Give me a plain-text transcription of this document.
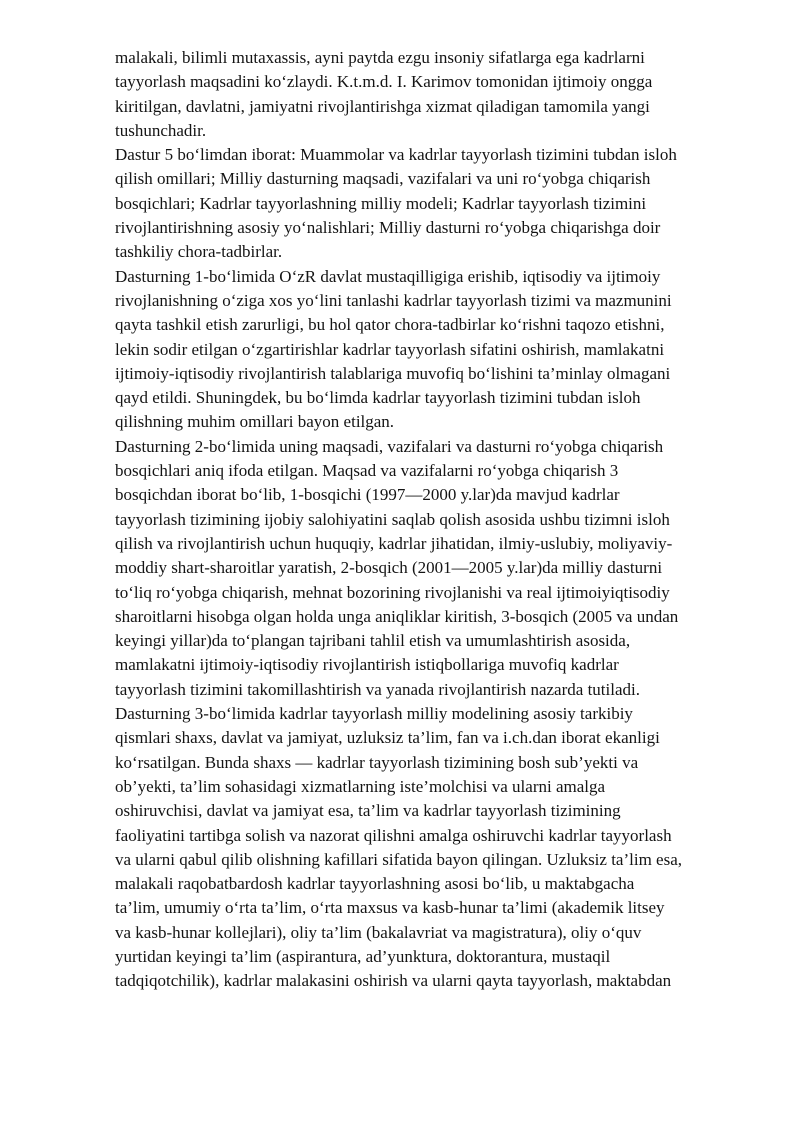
malakali, bilimli mutaxassis, ayni paytda ezgu insoniy sifatlarga ega kadrlarni

tayyorlash maqsadini ko‘zlaydi. K.t.m.d. I. Karimov tomonidan ijtimoiy ongga

kiritilgan, davlatni, jamiyatni rivojlantirishga xizmat qiladigan tamomila yangi

tushunchadir.

Dastur 5 bo‘limdan iborat: Muammolar va kadrlar tayyorlash tizimini tubdan isloh

qilish omillari; Milliy dasturning maqsadi, vazifalari va uni ro‘yobga chiqarish

bosqichlari; Kadrlar tayyorlashning milliy modeli; Kadrlar tayyorlash tizimini

rivojlantirishning asosiy yo‘nalishlari; Milliy dasturni ro‘yobga chiqarishga doir

tashkiliy chora-tadbirlar.

Dasturning 1-bo‘limida O‘zR davlat mustaqilligiga erishib, iqtisodiy va ijtimoiy

rivojlanishning o‘ziga xos yo‘lini tanlashi kadrlar tayyorlash tizimi va mazmunini

qayta tashkil etish zarurligi, bu hol qator chora-tadbirlar ko‘rishni taqozo etishni,

lekin sodir etilgan o‘zgartirishlar kadrlar tayyorlash sifatini oshirish, mamlakatni

ijtimoiy-iqtisodiy rivojlantirish talablariga muvofiq bo‘lishini ta’minlay olmagani

qayd etildi. Shuningdek, bu bo‘limda kadrlar tayyorlash tizimini tubdan isloh

qilishning muhim omillari bayon etilgan.

Dasturning 2-bo‘limida uning maqsadi, vazifalari va dasturni ro‘yobga chiqarish

bosqichlari aniq ifoda etilgan. Maqsad va vazifalarni ro‘yobga chiqarish 3

bosqichdan iborat bo‘lib, 1-bosqichi (1997—2000 y.lar)da mavjud kadrlar

tayyorlash tizimining ijobiy salohiyatini saqlab qolish asosida ushbu tizimni isloh

qilish va rivojlantirish uchun huquqiy, kadrlar jihatidan, ilmiy-uslubiy, moliyaviy-

moddiy shart-sharoitlar yaratish, 2-bosqich (2001—2005 y.lar)da milliy dasturni

to‘liq ro‘yobga chiqarish, mehnat bozorining rivojlanishi va real ijtimoiyiqtisodiy

sharoitlarni hisobga olgan holda unga aniqliklar kiritish, 3-bosqich (2005 va undan

keyingi yillar)da to‘plangan tajribani tahlil etish va umumlashtirish asosida,

mamlakatni ijtimoiy-iqtisodiy rivojlantirish istiqbollariga muvofiq kadrlar

tayyorlash tizimini takomillashtirish va yanada rivojlantirish nazarda tutiladi.

Dasturning 3-bo‘limida kadrlar tayyorlash milliy modelining asosiy tarkibiy

qismlari shaxs, davlat va jamiyat, uzluksiz ta’lim, fan va i.ch.dan iborat ekanligi

ko‘rsatilgan. Bunda shaxs — kadrlar tayyorlash tizimining bosh sub’yekti va

ob’yekti, ta’lim sohasidagi xizmatlarning iste’molchisi va ularni amalga

oshiruvchisi, davlat va jamiyat esa, ta’lim va kadrlar tayyorlash tizimining

faoliyatini tartibga solish va nazorat qilishni amalga oshiruvchi kadrlar tayyorlash

va ularni qabul qilib olishning kafillari sifatida bayon qilingan. Uzluksiz ta’lim esa,

malakali raqobatbardosh kadrlar tayyorlashning asosi bo‘lib, u maktabgacha

ta’lim, umumiy o‘rta ta’lim, o‘rta maxsus va kasb-hunar ta’limi (akademik litsey

va kasb-hunar kollejlari), oliy ta’lim (bakalavriat va magistratura), oliy o‘quv

yurtidan keyingi ta’lim (aspirantura, ad’yunktura, doktorantura, mustaqil

tadqiqotchilik), kadrlar malakasini oshirish va ularni qayta tayyorlash, maktabdan
